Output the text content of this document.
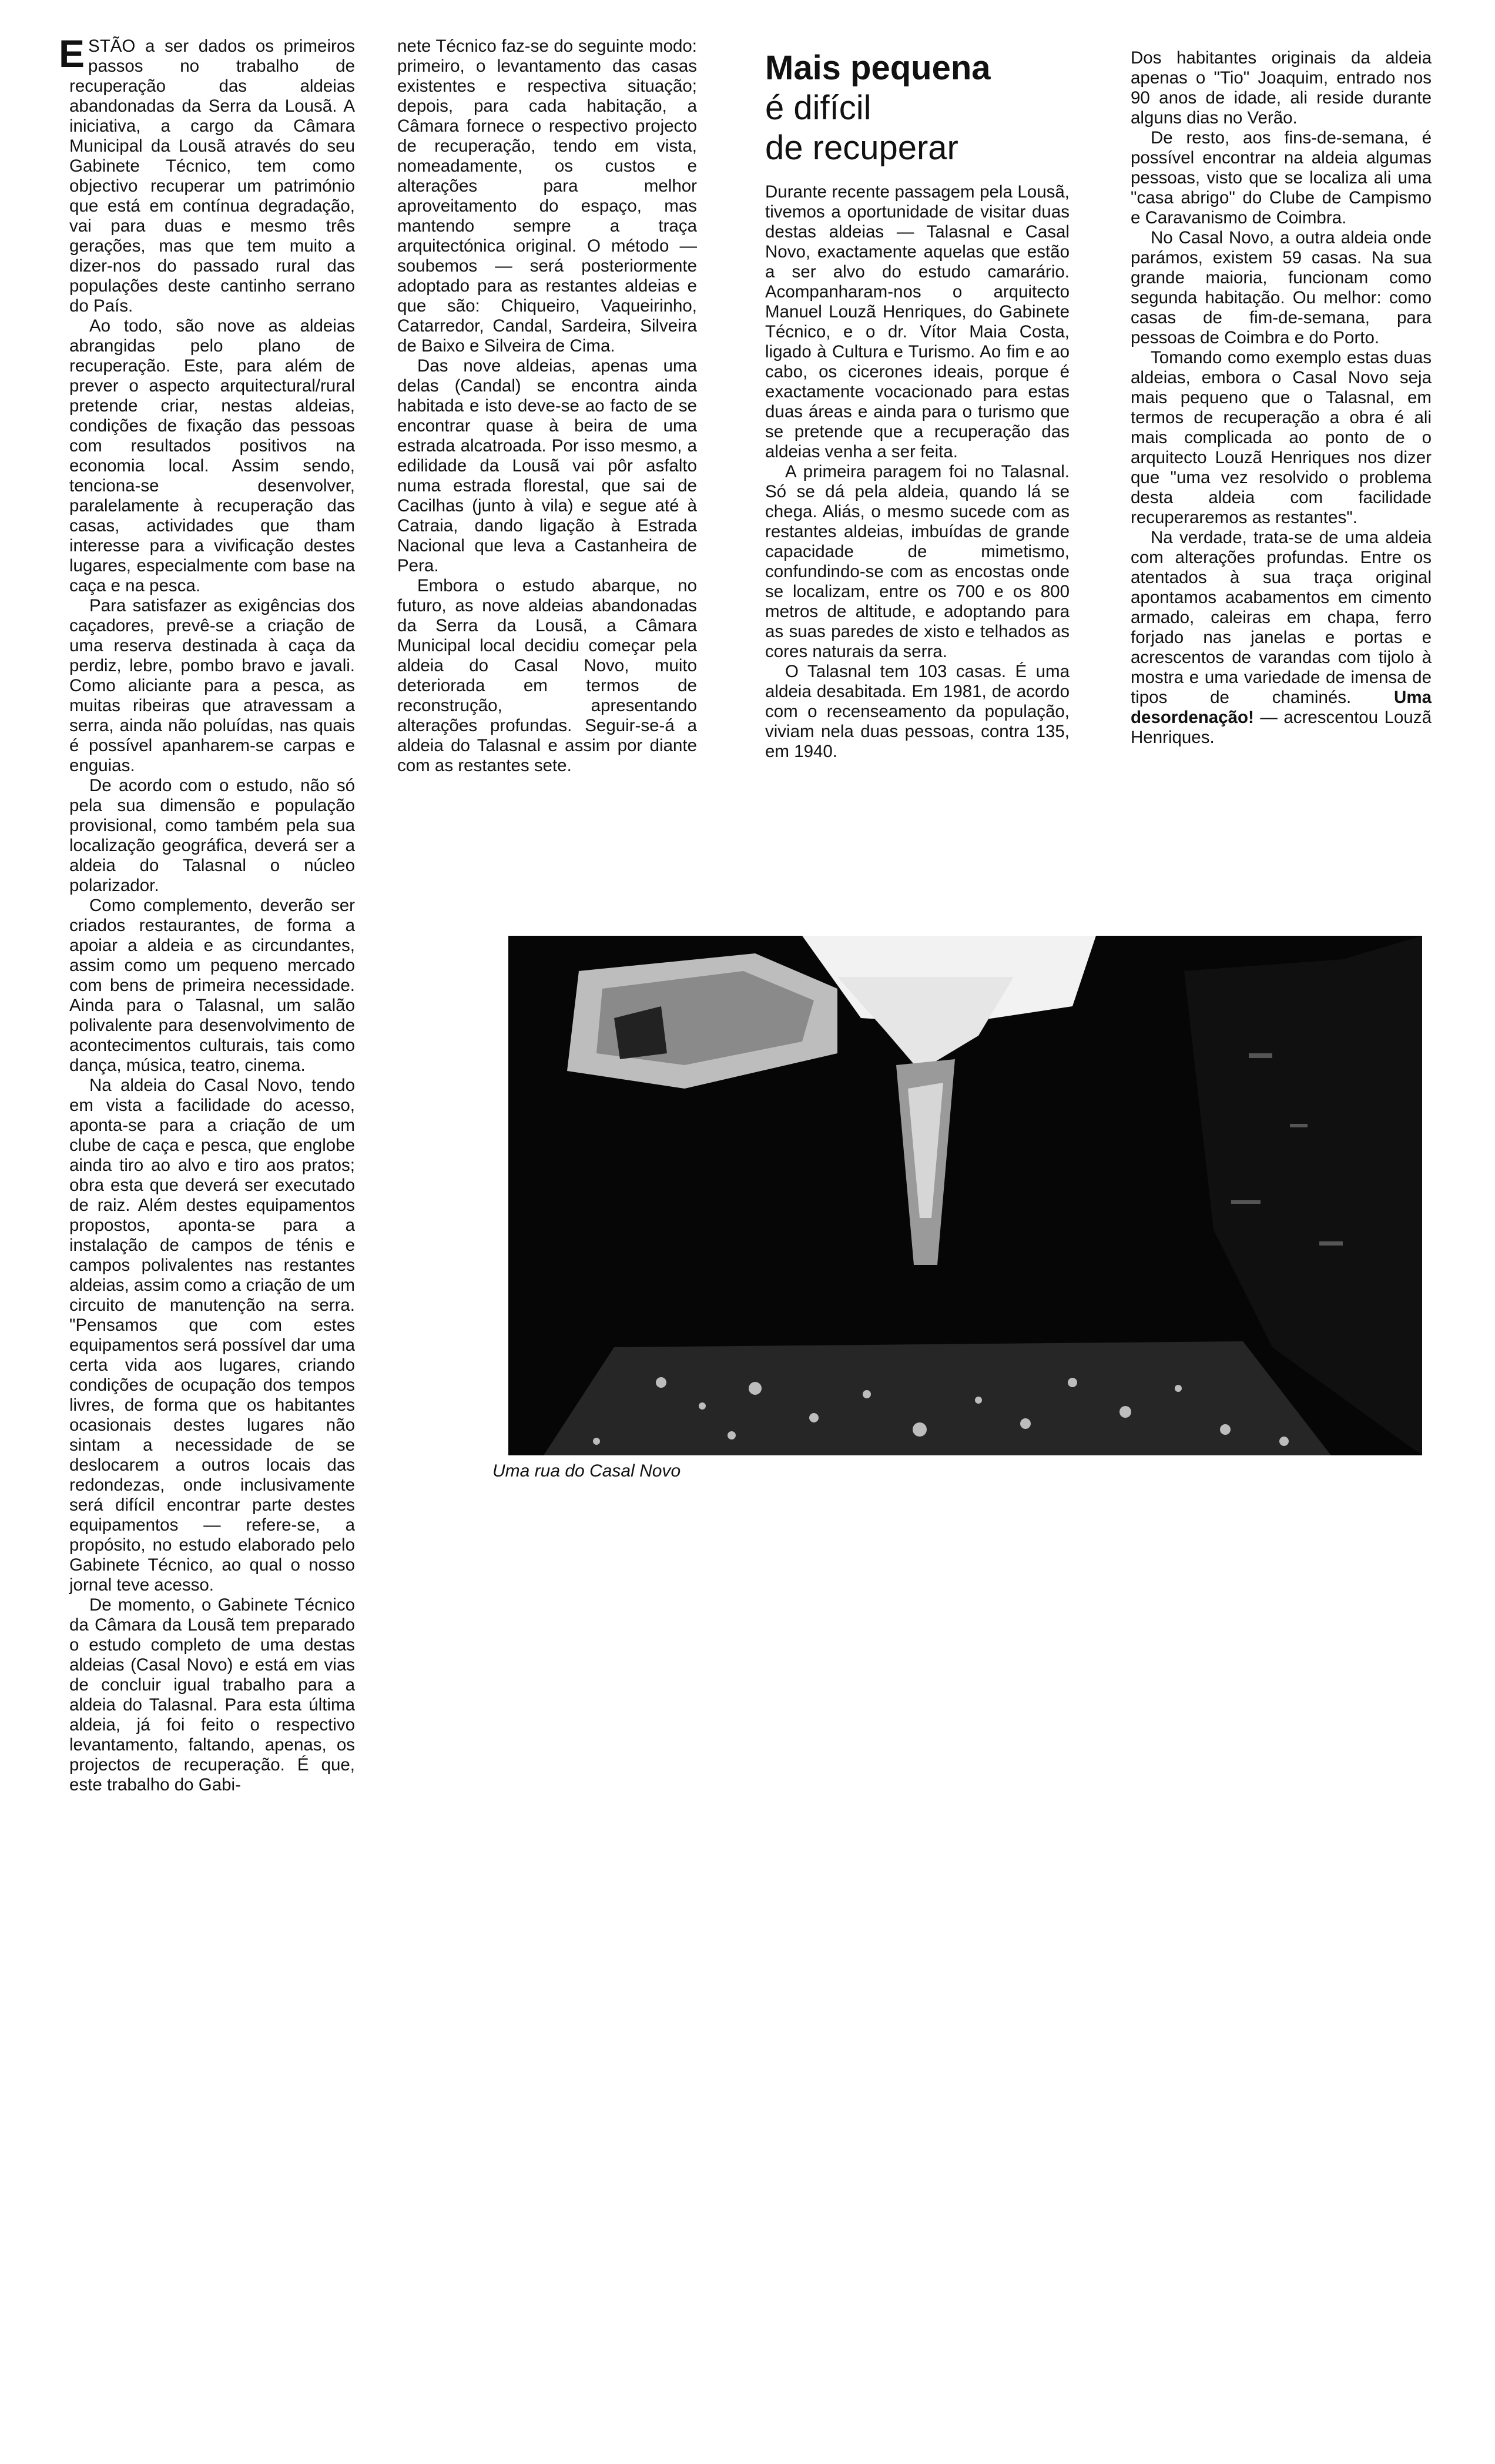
ESTÃO a ser dados os primeiros passos no trabalho de recuperação das aldeias abandonadas da Serra da Lousã. A iniciativa, a cargo da Câmara Municipal da Lousã através do seu Gabinete Técnico, tem como objectivo recuperar um património que está em contínua degradação, vai para duas e mesmo três gerações, mas que tem muito a dizer-nos do passado rural das populações deste cantinho serrano do País.

Ao todo, são nove as aldeias abrangidas pelo plano de recuperação. Este, para além de prever o aspecto arquitectural/rural pretende criar, nestas aldeias, condições de fixação das pessoas com resultados positivos na economia local. Assim sendo, tenciona-se desenvolver, paralelamente à recuperação das casas, actividades que tham interesse para a vivificação destes lugares, especialmente com base na caça e na pesca.

Para satisfazer as exigências dos caçadores, prevê-se a criação de uma reserva destinada à caça da perdiz, lebre, pombo bravo e javali. Como aliciante para a pesca, as muitas ribeiras que atravessam a serra, ainda não poluídas, nas quais é possível apanharem-se carpas e enguias.

De acordo com o estudo, não só pela sua dimensão e população provisional, como também pela sua localização geográfica, deverá ser a aldeia do Talasnal o núcleo polarizador.

Como complemento, deverão ser criados restaurantes, de forma a apoiar a aldeia e as circundantes, assim como um pequeno mercado com bens de primeira necessidade. Ainda para o Talasnal, um salão polivalente para desenvolvimento de acontecimentos culturais, tais como dança, música, teatro, cinema.

Na aldeia do Casal Novo, tendo em vista a facilidade do acesso, aponta-se para a criação de um clube de caça e pesca, que englobe ainda tiro ao alvo e tiro aos pratos; obra esta que deverá ser executado de raiz. Além destes equipamentos propostos, aponta-se para a instalação de campos de ténis e campos polivalentes nas restantes aldeias, assim como a criação de um circuito de manutenção na serra. "Pensamos que com estes equipamentos será possível dar uma certa vida aos lugares, criando condições de ocupação dos tempos livres, de forma que os habitantes ocasionais destes lugares não sintam a necessidade de se deslocarem a outros locais das redondezas, onde inclusivamente será difícil encontrar parte destes equipamentos — refere-se, a propósito, no estudo elaborado pelo Gabinete Técnico, ao qual o nosso jornal teve acesso.

De momento, o Gabinete Técnico da Câmara da Lousã tem preparado o estudo completo de uma destas aldeias (Casal Novo) e está em vias de concluir igual trabalho para a aldeia do Talasnal. Para esta última aldeia, já foi feito o respectivo levantamento, faltando, apenas, os projectos de recuperação. É que, este trabalho do Gabi-

nete Técnico faz-se do seguinte modo: primeiro, o levantamento das casas existentes e respectiva situação; depois, para cada habitação, a Câmara fornece o respectivo projecto de recuperação, tendo em vista, nomeadamente, os custos e alterações para melhor aproveitamento do espaço, mas mantendo sempre a traça arquitectónica original. O método — soubemos — será posteriormente adoptado para as restantes aldeias e que são: Chiqueiro, Vaqueirinho, Catarredor, Candal, Sardeira, Silveira de Baixo e Silveira de Cima.

Das nove aldeias, apenas uma delas (Candal) se encontra ainda habitada e isto deve-se ao facto de se encontrar quase à beira de uma estrada alcatroada. Por isso mesmo, a edilidade da Lousã vai pôr asfalto numa estrada florestal, que sai de Cacilhas (junto à vila) e segue até à Catraia, dando ligação à Estrada Nacional que leva a Castanheira de Pera.

Embora o estudo abarque, no futuro, as nove aldeias abandonadas da Serra da Lousã, a Câmara Municipal local decidiu começar pela aldeia do Casal Novo, muito deteriorada em termos de reconstrução, apresentando alterações profundas. Seguir-se-á a aldeia do Talasnal e assim por diante com as restantes sete.

Mais pequena
é difícil
de recuperar

Durante recente passagem pela Lousã, tivemos a oportunidade de visitar duas destas aldeias — Talasnal e Casal Novo, exactamente aquelas que estão a ser alvo do estudo camarário. Acompanharam-nos o arquitecto Manuel Louzã Henriques, do Gabinete Técnico, e o dr. Vítor Maia Costa, ligado à Cultura e Turismo. Ao fim e ao cabo, os cicerones ideais, porque é exactamente vocacionado para estas duas áreas e ainda para o turismo que se pretende que a recuperação das aldeias venha a ser feita.

A primeira paragem foi no Talasnal. Só se dá pela aldeia, quando lá se chega. Aliás, o mesmo sucede com as restantes aldeias, imbuídas de grande capacidade de mimetismo, confundindo-se com as encostas onde se localizam, entre os 700 e os 800 metros de altitude, e adoptando para as suas paredes de xisto e telhados as cores naturais da serra.

O Talasnal tem 103 casas. É uma aldeia desabitada. Em 1981, de acordo com o recenseamento da população, viviam nela duas pessoas, contra 135, em 1940.

Dos habitantes originais da aldeia apenas o "Tio" Joaquim, entrado nos 90 anos de idade, ali reside durante alguns dias no Verão.

De resto, aos fins-de-semana, é possível encontrar na aldeia algumas pessoas, visto que se localiza ali uma "casa abrigo" do Clube de Campismo e Caravanismo de Coimbra.

No Casal Novo, a outra aldeia onde parámos, existem 59 casas. Na sua grande maioria, funcionam como segunda habitação. Ou melhor: como casas de fim-de-semana, para pessoas de Coimbra e do Porto.

Tomando como exemplo estas duas aldeias, embora o Casal Novo seja mais pequeno que o Talasnal, em termos de recuperação a obra é ali mais complicada ao ponto de o arquitecto Louzã Henriques nos dizer que "uma vez resolvido o problema desta aldeia com facilidade recuperaremos as restantes".

Na verdade, trata-se de uma aldeia com alterações profundas. Entre os atentados à sua traça original apontamos acabamentos em cimento armado, caleiras em chapa, ferro forjado nas janelas e portas e acrescentos de varandas com tijolo à mostra e uma variedade de imensa de tipos de chaminés. Uma desordenação! — acrescentou Louzã Henriques.

Uma rua do Casal Novo
